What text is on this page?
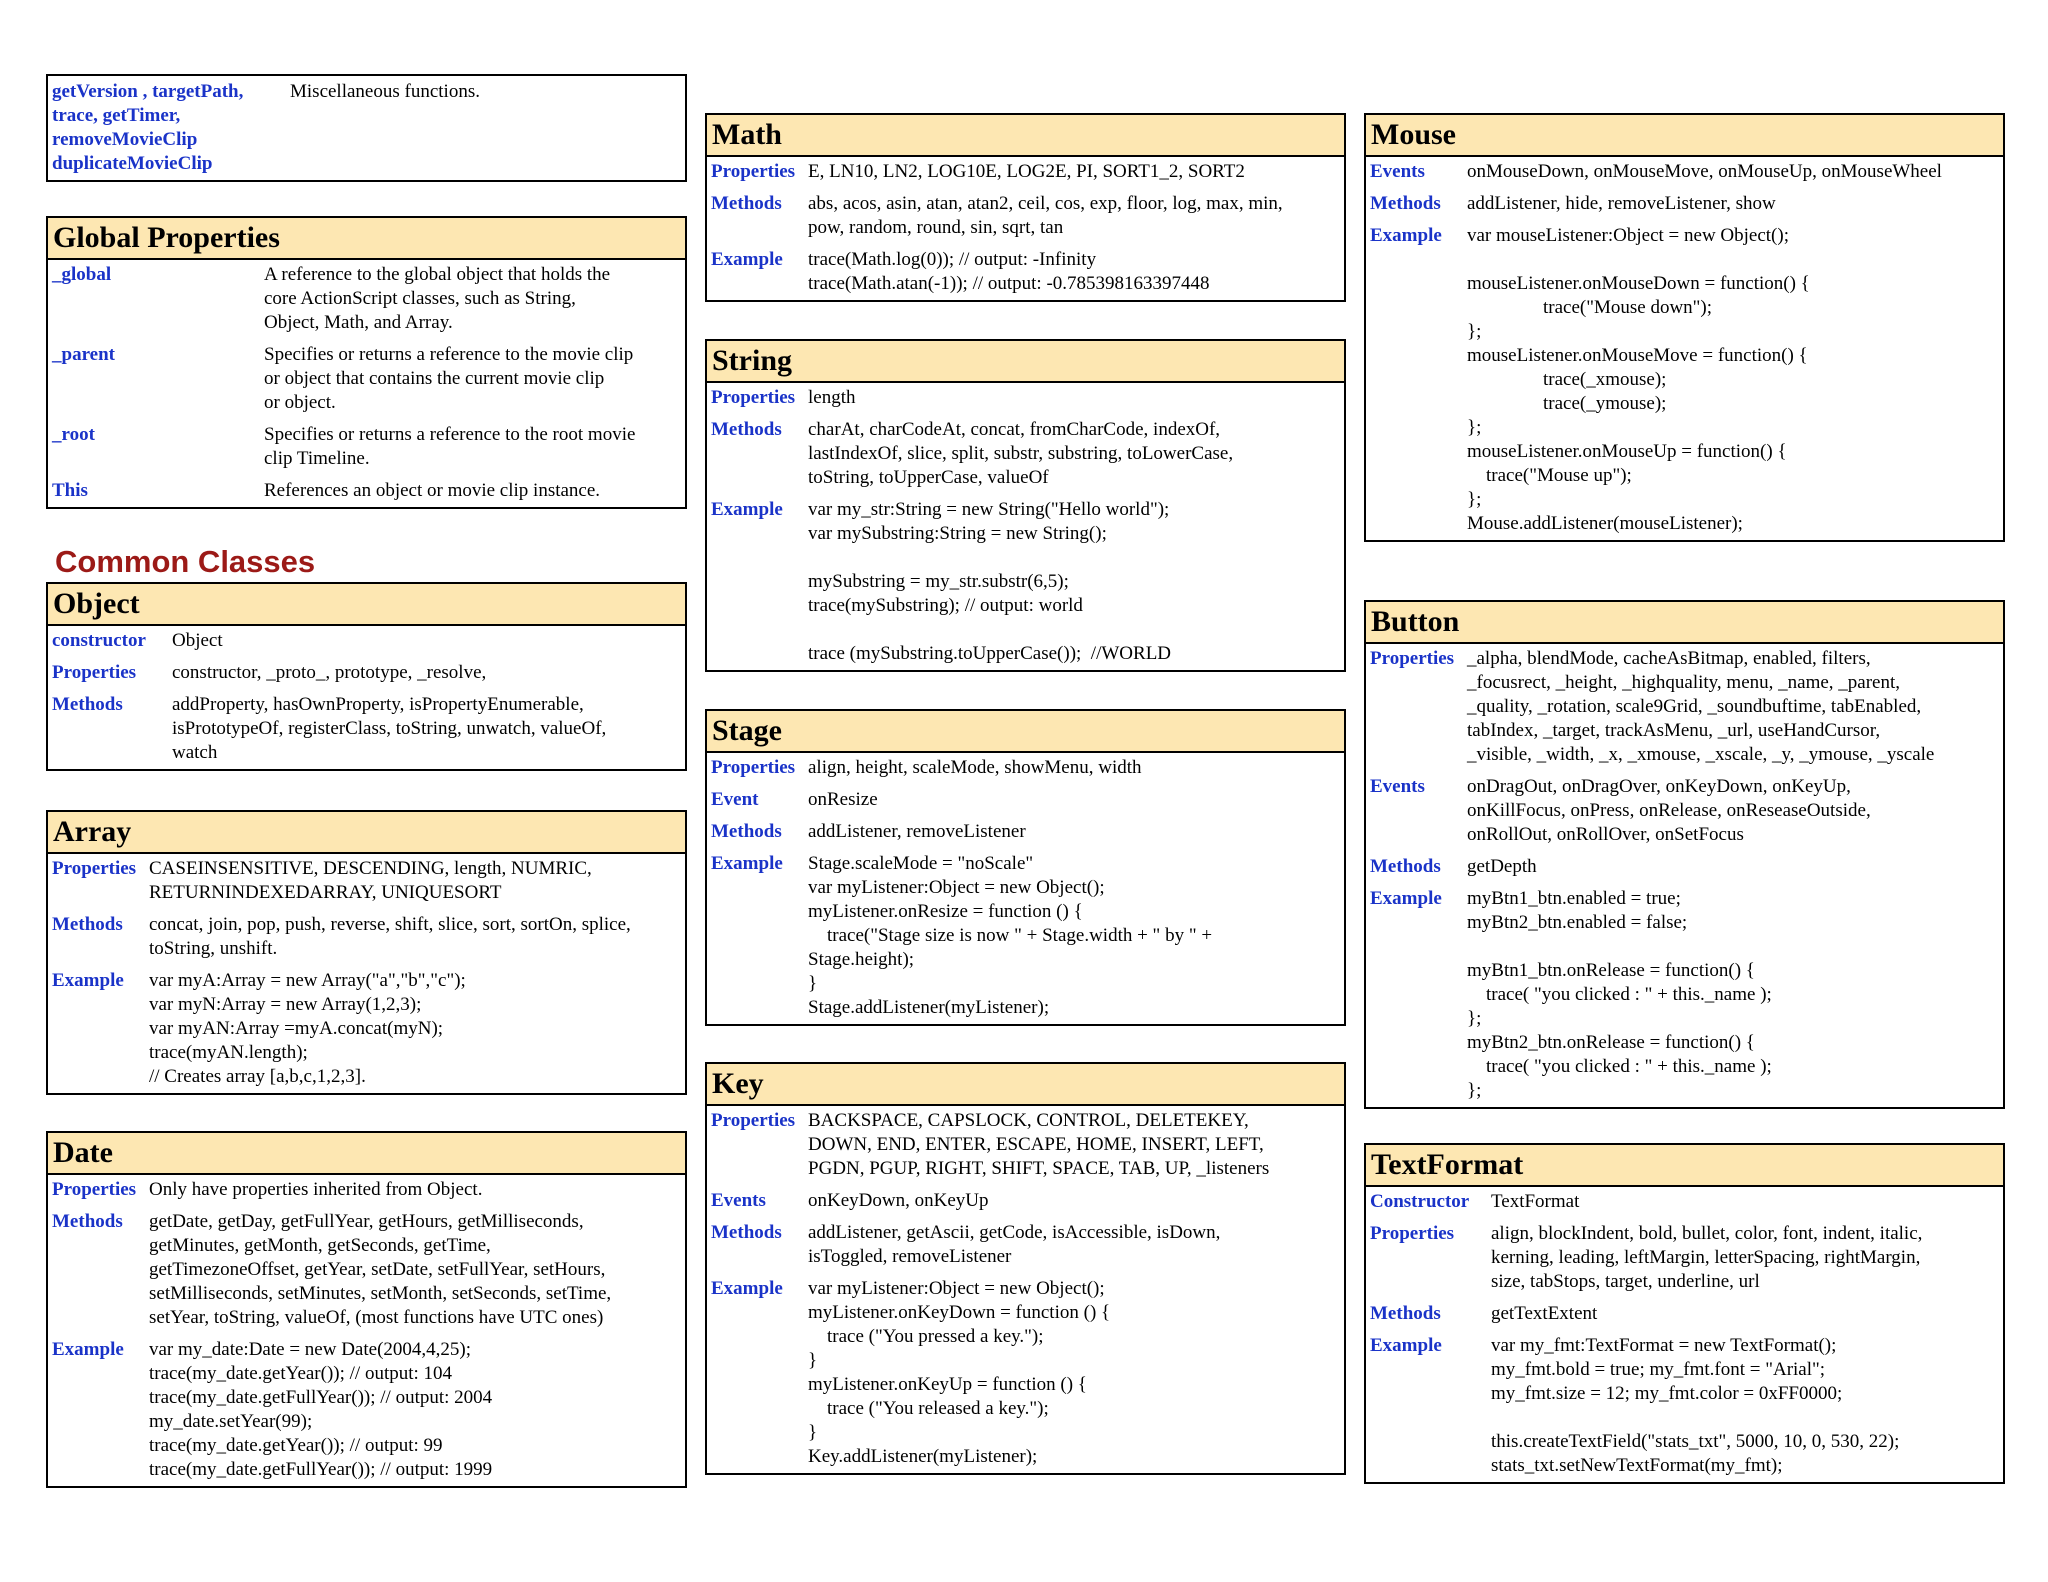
getVersion , targetPath,
trace, getTimer,
removeMovieClip
duplicateMovieClip
Miscellaneous functions.
Global Properties
_global	A reference to the global object that holds the
core ActionScript classes, such as String,
Object, Math, and Array.
_parent	Specifies or returns a reference to the movie clip
or object that contains the current movie clip
or object.
_root	Specifies or returns a reference to the root movie
clip Timeline.
This	References an object or movie clip instance.
Common Classes
Object
constructor	Object
Properties	constructor, _proto_, prototype, _resolve,
Methods	addProperty, hasOwnProperty, isPropertyEnumerable,
isPrototypeOf, registerClass, toString, unwatch, valueOf,
watch
Array
Properties CASEINSENSITIVE, DESCENDING, length, NUMRIC,
RETURNINDEXEDARRAY, UNIQUESORT
Methods	concat, join, pop, push, reverse, shift, slice, sort, sortOn, splice,
toString, unshift.
Example	var myA:Array = new Array("a","b","c");
var myN:Array = new Array(1,2,3);
var myAN:Array =myA.concat(myN);
trace(myAN.length);
// Creates array [a,b,c,1,2,3].
Date
Properties Only have properties inherited from Object.
Methods	getDate, getDay, getFullYear, getHours, getMilliseconds,
getMinutes, getMonth, getSeconds, getTime,
getTimezoneOffset, getYear, setDate, setFullYear, setHours,
setMilliseconds, setMinutes, setMonth, setSeconds, setTime,
setYear, toString, valueOf, (most functions have UTC ones)
Example	var my_date:Date = new Date(2004,4,25);
trace(my_date.getYear()); // output: 104
trace(my_date.getFullYear()); // output: 2004
my_date.setYear(99);
trace(my_date.getYear()); // output: 99
trace(my_date.getFullYear()); // output: 1999
Math
Properties E, LN10, LN2, LOG10E, LOG2E, PI, SORT1_2, SORT2
Methods	abs, acos, asin, atan, atan2, ceil, cos, exp, floor, log, max, min,
pow, random, round, sin, sqrt, tan
Example	trace(Math.log(0)); // output: -Infinity
trace(Math.atan(-1)); // output: -0.785398163397448
String
Properties length
Methods	charAt, charCodeAt, concat, fromCharCode, indexOf,
lastIndexOf, slice, split, substr, substring, toLowerCase,
toString, toUpperCase, valueOf
Example	var my_str:String = new String("Hello world");
var mySubstring:String = new String();
mySubstring = my_str.substr(6,5);
trace(mySubstring); // output: world
trace (mySubstring.toUpperCase());  //WORLD
Stage
Properties align, height, scaleMode, showMenu, width
Event	onResize
Methods	addListener, removeListener
Example	Stage.scaleMode = "noScale"
var myListener:Object = new Object();
myListener.onResize = function () {
trace("Stage size is now " + Stage.width + " by " +
Stage.height);
}
Stage.addListener(myListener);
Key
Properties BACKSPACE, CAPSLOCK, CONTROL, DELETEKEY,
DOWN, END, ENTER, ESCAPE, HOME, INSERT, LEFT,
PGDN, PGUP, RIGHT, SHIFT, SPACE, TAB, UP, _listeners
Events	onKeyDown, onKeyUp
Methods	addListener, getAscii, getCode, isAccessible, isDown,
isToggled, removeListener
Example	var myListener:Object = new Object();
myListener.onKeyDown = function () {
trace ("You pressed a key.");
}
myListener.onKeyUp = function () {
trace ("You released a key.");
}
Key.addListener(myListener);
Mouse
Events	onMouseDown, onMouseMove, onMouseUp, onMouseWheel
Methods	addListener, hide, removeListener, show
Example	var mouseListener:Object = new Object();
mouseListener.onMouseDown = function() {
trace("Mouse down");
};
mouseListener.onMouseMove = function() {
trace(_xmouse);
trace(_ymouse);
};
mouseListener.onMouseUp = function() {
trace("Mouse up");
};
Mouse.addListener(mouseListener);
Button
Properties _alpha, blendMode, cacheAsBitmap, enabled, filters,
_focusrect, _height, _highquality, menu, _name, _parent,
_quality, _rotation, scale9Grid, _soundbuftime, tabEnabled,
tabIndex, _target, trackAsMenu, _url, useHandCursor,
_visible, _width, _x, _xmouse, _xscale, _y, _ymouse, _yscale
Events	onDragOut, onDragOver, onKeyDown, onKeyUp,
onKillFocus, onPress, onRelease, onReseaseOutside,
onRollOut, onRollOver, onSetFocus
Methods	getDepth
Example	myBtn1_btn.enabled = true;
myBtn2_btn.enabled = false;
myBtn1_btn.onRelease = function() {
trace( "you clicked : " + this._name );
};
myBtn2_btn.onRelease = function() {
trace( "you clicked : " + this._name );
};
TextFormat
Constructor	TextFormat
Properties	align, blockIndent, bold, bullet, color, font, indent, italic,
kerning, leading, leftMargin, letterSpacing, rightMargin,
size, tabStops, target, underline, url
Methods	getTextExtent
Example	var my_fmt:TextFormat = new TextFormat();
my_fmt.bold = true; my_fmt.font = "Arial";
my_fmt.size = 12; my_fmt.color = 0xFF0000;
this.createTextField("stats_txt", 5000, 10, 0, 530, 22);
stats_txt.setNewTextFormat(my_fmt);
